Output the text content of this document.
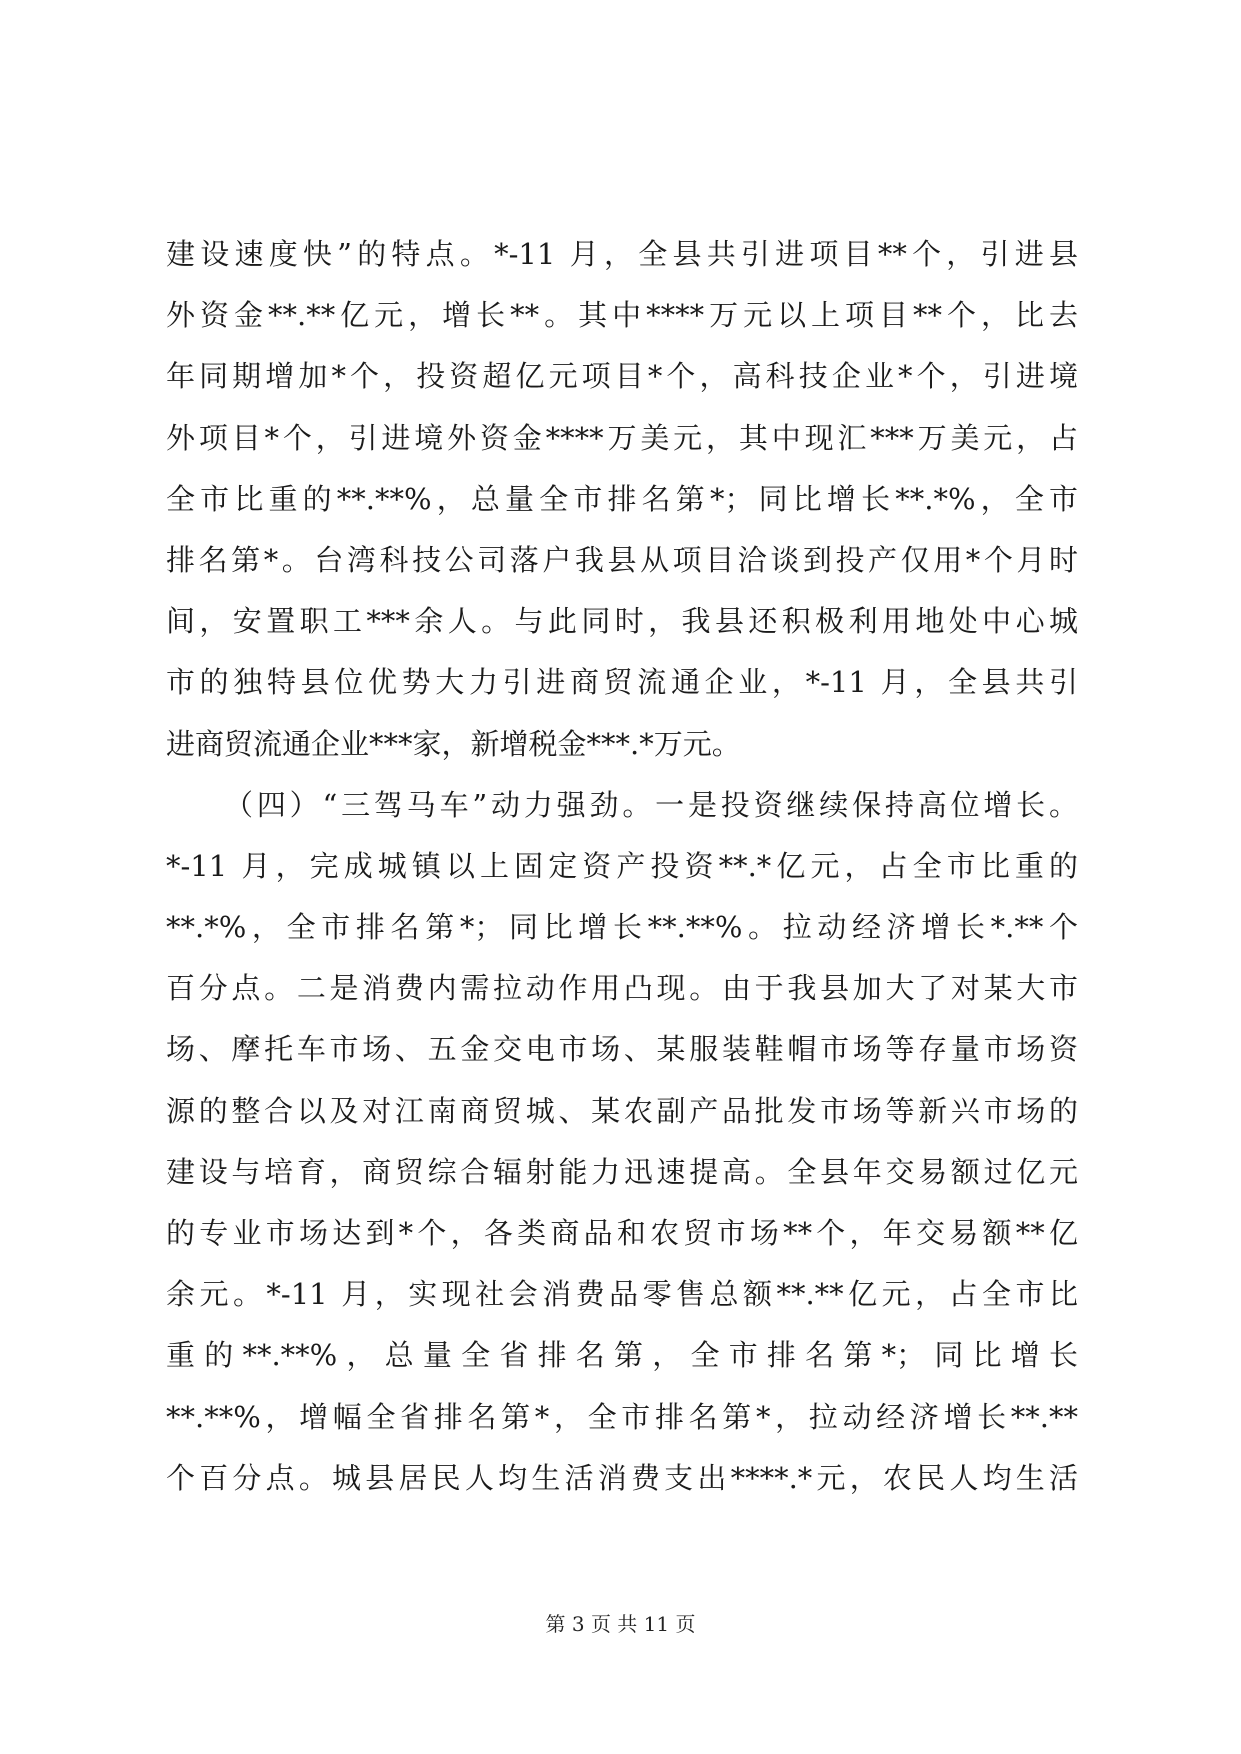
建设速度快”的特点。*-11 月，全县共引进项目**个，引进县
外资金**.**亿元，增长**。其中****万元以上项目**个，比去
年同期增加*个，投资超亿元项目*个，高科技企业*个，引进境
外项目*个，引进境外资金****万美元，其中现汇***万美元，占
全市比重的**.**%，总量全市排名第*；同比增长**.*%，全市
排名第*。台湾科技公司落户我县从项目洽谈到投产仅用*个月时
间，安置职工***余人。与此同时，我县还积极利用地处中心城
市的独特县位优势大力引进商贸流通企业，*-11 月，全县共引
进商贸流通企业***家，新增税金***.*万元。
（四）“三驾马车”动力强劲。一是投资继续保持高位增长。
*-11 月，完成城镇以上固定资产投资**.*亿元，占全市比重的
**.*%，全市排名第*；同比增长**.**%。拉动经济增长*.**个
百分点。二是消费内需拉动作用凸现。由于我县加大了对某大市
场、摩托车市场、五金交电市场、某服装鞋帽市场等存量市场资
源的整合以及对江南商贸城、某农副产品批发市场等新兴市场的
建设与培育，商贸综合辐射能力迅速提高。全县年交易额过亿元
的专业市场达到*个，各类商品和农贸市场**个，年交易额**亿
余元。*-11 月，实现社会消费品零售总额**.**亿元，占全市比
重的**.**%，总量全省排名第，全市排名第*；同比增长
**.**%，增幅全省排名第*，全市排名第*，拉动经济增长**.**
个百分点。城县居民人均生活消费支出****.*元，农民人均生活
第 3 页 共 11 页
